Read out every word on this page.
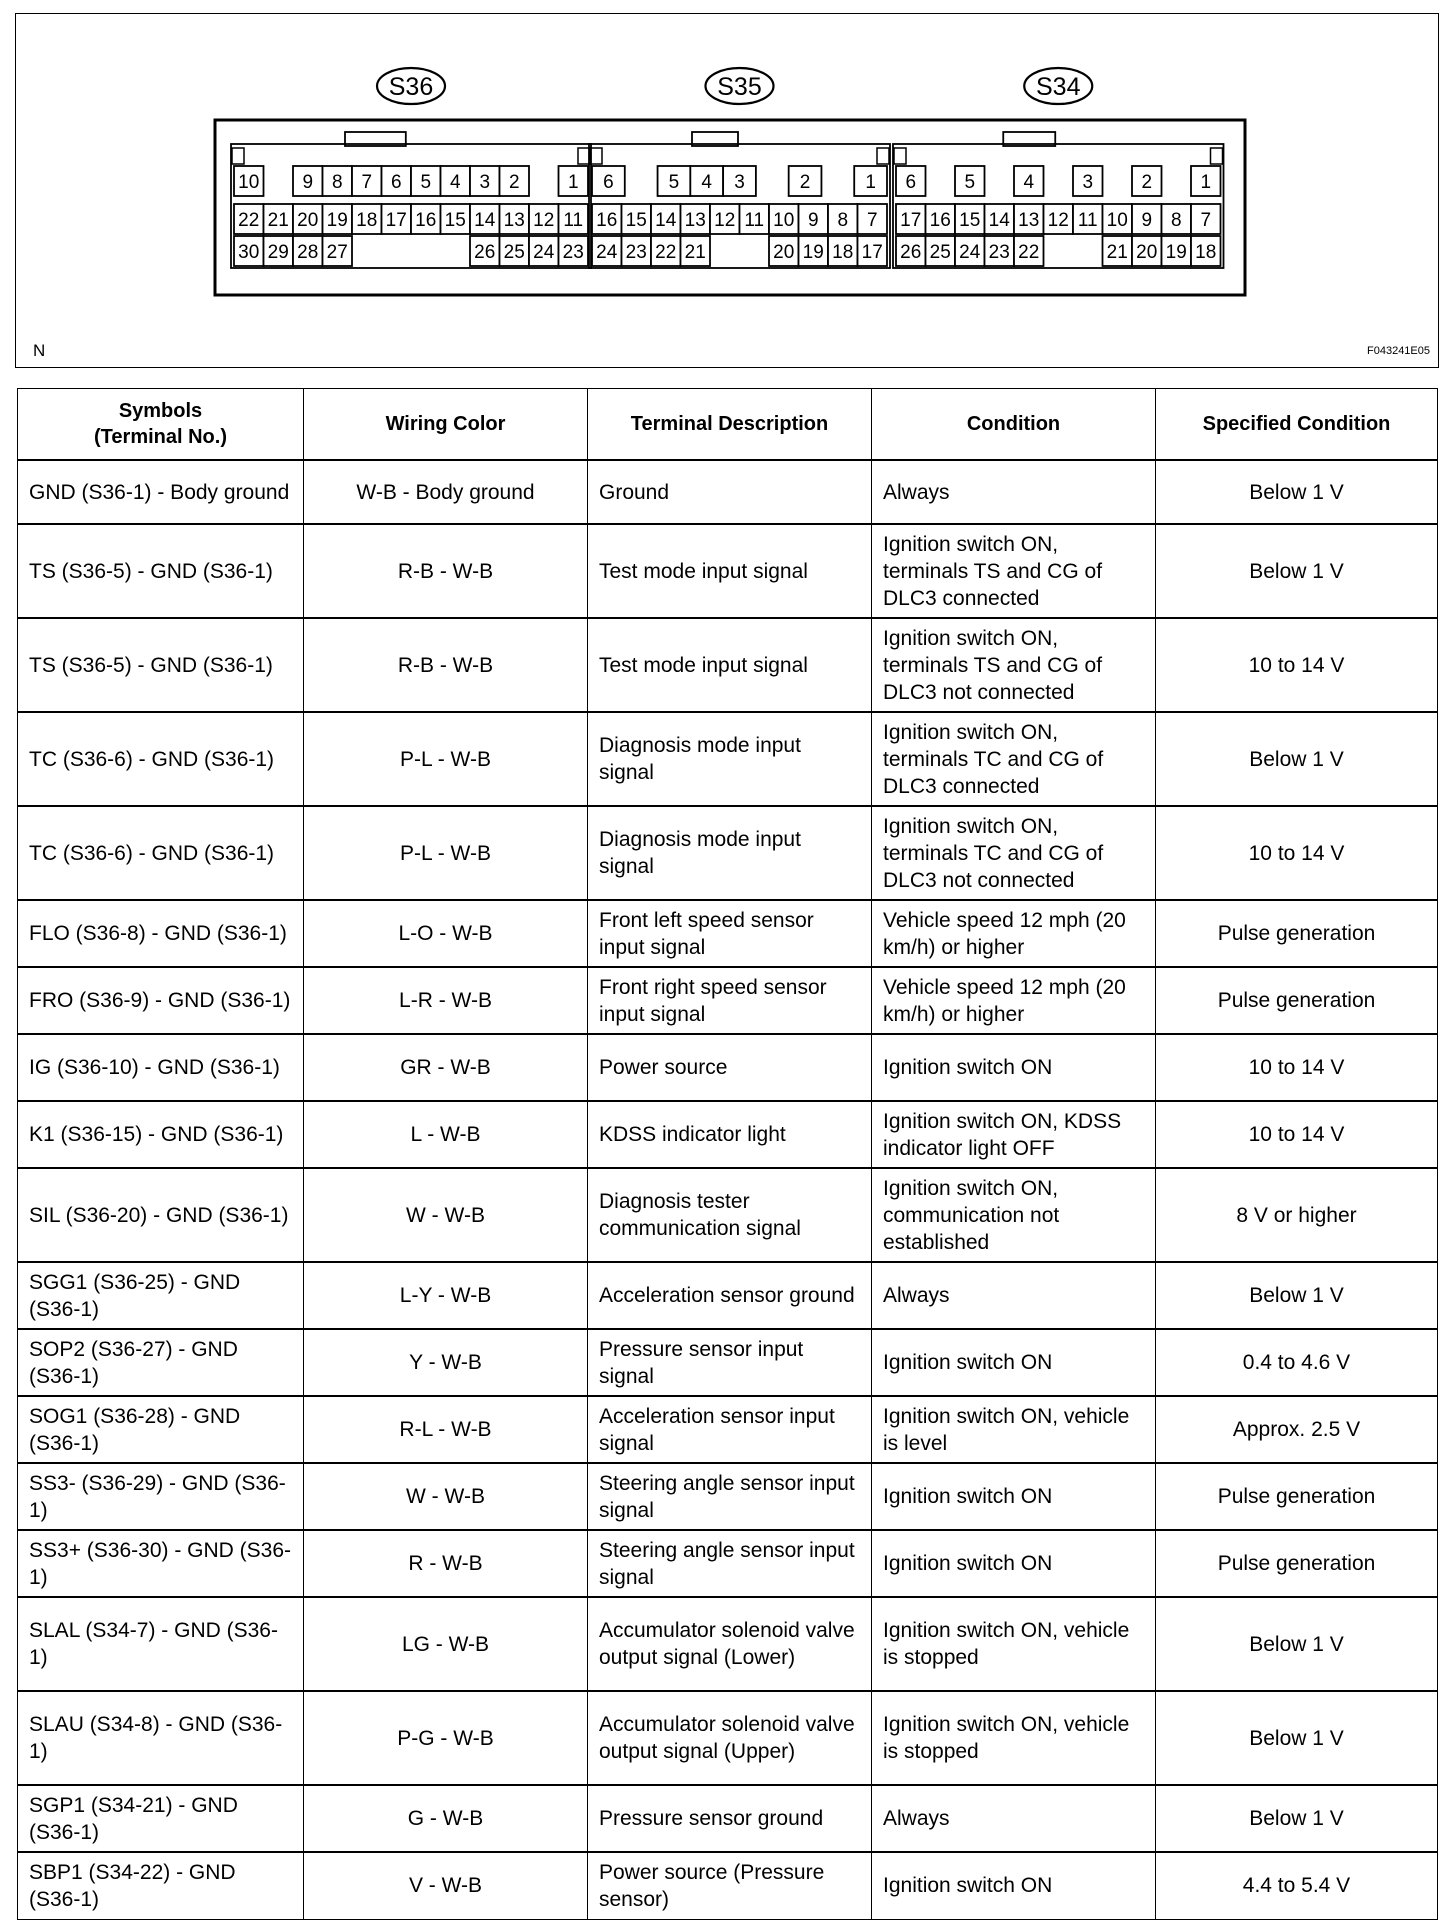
S36
10 9 8 7 6 5 4 3 2	1
22 21 20 19 18 17 16 15 14 13 12 11
30 29 28 27	26 25 24 23
S35
6	5 4 3	2	1
16 15 14 13 12 11 10 9 8 7
24 23 22 21	20 19 18 17
S34
6	5	4	3	2	1
17 16 15 14 13 12 11 10 9 8 7
26 25 24 23 22	21 20 19 18
N	F043241E05
Symbols
(Terminal No.)	Wiring Color	Terminal Description	Condition	Specified Condition
GND (S36-1) - Body ground	W-B - Body ground	Ground	Always	Below 1 V
TS (S36-5) - GND (S36-1)	R-B - W-B	Test mode input signal	Ignition switch ON, terminals TS and CG of DLC3 connected	Below 1 V
TS (S36-5) - GND (S36-1)	R-B - W-B	Test mode input signal	Ignition switch ON, terminals TS and CG of DLC3 not connected	10 to 14 V
TC (S36-6) - GND (S36-1)	P-L - W-B	Diagnosis mode input signal	Ignition switch ON, terminals TC and CG of DLC3 connected	Below 1 V
TC (S36-6) - GND (S36-1)	P-L - W-B	Diagnosis mode input signal	Ignition switch ON, terminals TC and CG of DLC3 not connected	10 to 14 V
FLO (S36-8) - GND (S36-1)	L-O - W-B	Front left speed sensor input signal	Vehicle speed 12 mph (20 km/h) or higher	Pulse generation
FRO (S36-9) - GND (S36-1)	L-R - W-B	Front right speed sensor input signal	Vehicle speed 12 mph (20 km/h) or higher	Pulse generation
IG (S36-10) - GND (S36-1)	GR - W-B	Power source	Ignition switch ON	10 to 14 V
K1 (S36-15) - GND (S36-1)	L - W-B	KDSS indicator light	Ignition switch ON, KDSS indicator light OFF	10 to 14 V
SIL (S36-20) - GND (S36-1)	W - W-B	Diagnosis tester communication signal	Ignition switch ON, communication not established	8 V or higher
SGG1 (S36-25) - GND (S36-1)	L-Y - W-B	Acceleration sensor ground	Always	Below 1 V
SOP2 (S36-27) - GND (S36-1)	Y - W-B	Pressure sensor input signal	Ignition switch ON	0.4 to 4.6 V
SOG1 (S36-28) - GND (S36-1)	R-L - W-B	Acceleration sensor input signal	Ignition switch ON, vehicle is level	Approx. 2.5 V
SS3- (S36-29) - GND (S36-1)	W - W-B	Steering angle sensor input signal	Ignition switch ON	Pulse generation
SS3+ (S36-30) - GND (S36-1)	R - W-B	Steering angle sensor input signal	Ignition switch ON	Pulse generation
SLAL (S34-7) - GND (S36-1)	LG - W-B	Accumulator solenoid valve output signal (Lower)	Ignition switch ON, vehicle is stopped	Below 1 V
SLAU (S34-8) - GND (S36-1)	P-G - W-B	Accumulator solenoid valve output signal (Upper)	Ignition switch ON, vehicle is stopped	Below 1 V
SGP1 (S34-21) - GND (S36-1)	G - W-B	Pressure sensor ground	Always	Below 1 V
SBP1 (S34-22) - GND (S36-1)	V - W-B	Power source (Pressure sensor)	Ignition switch ON	4.4 to 5.4 V
